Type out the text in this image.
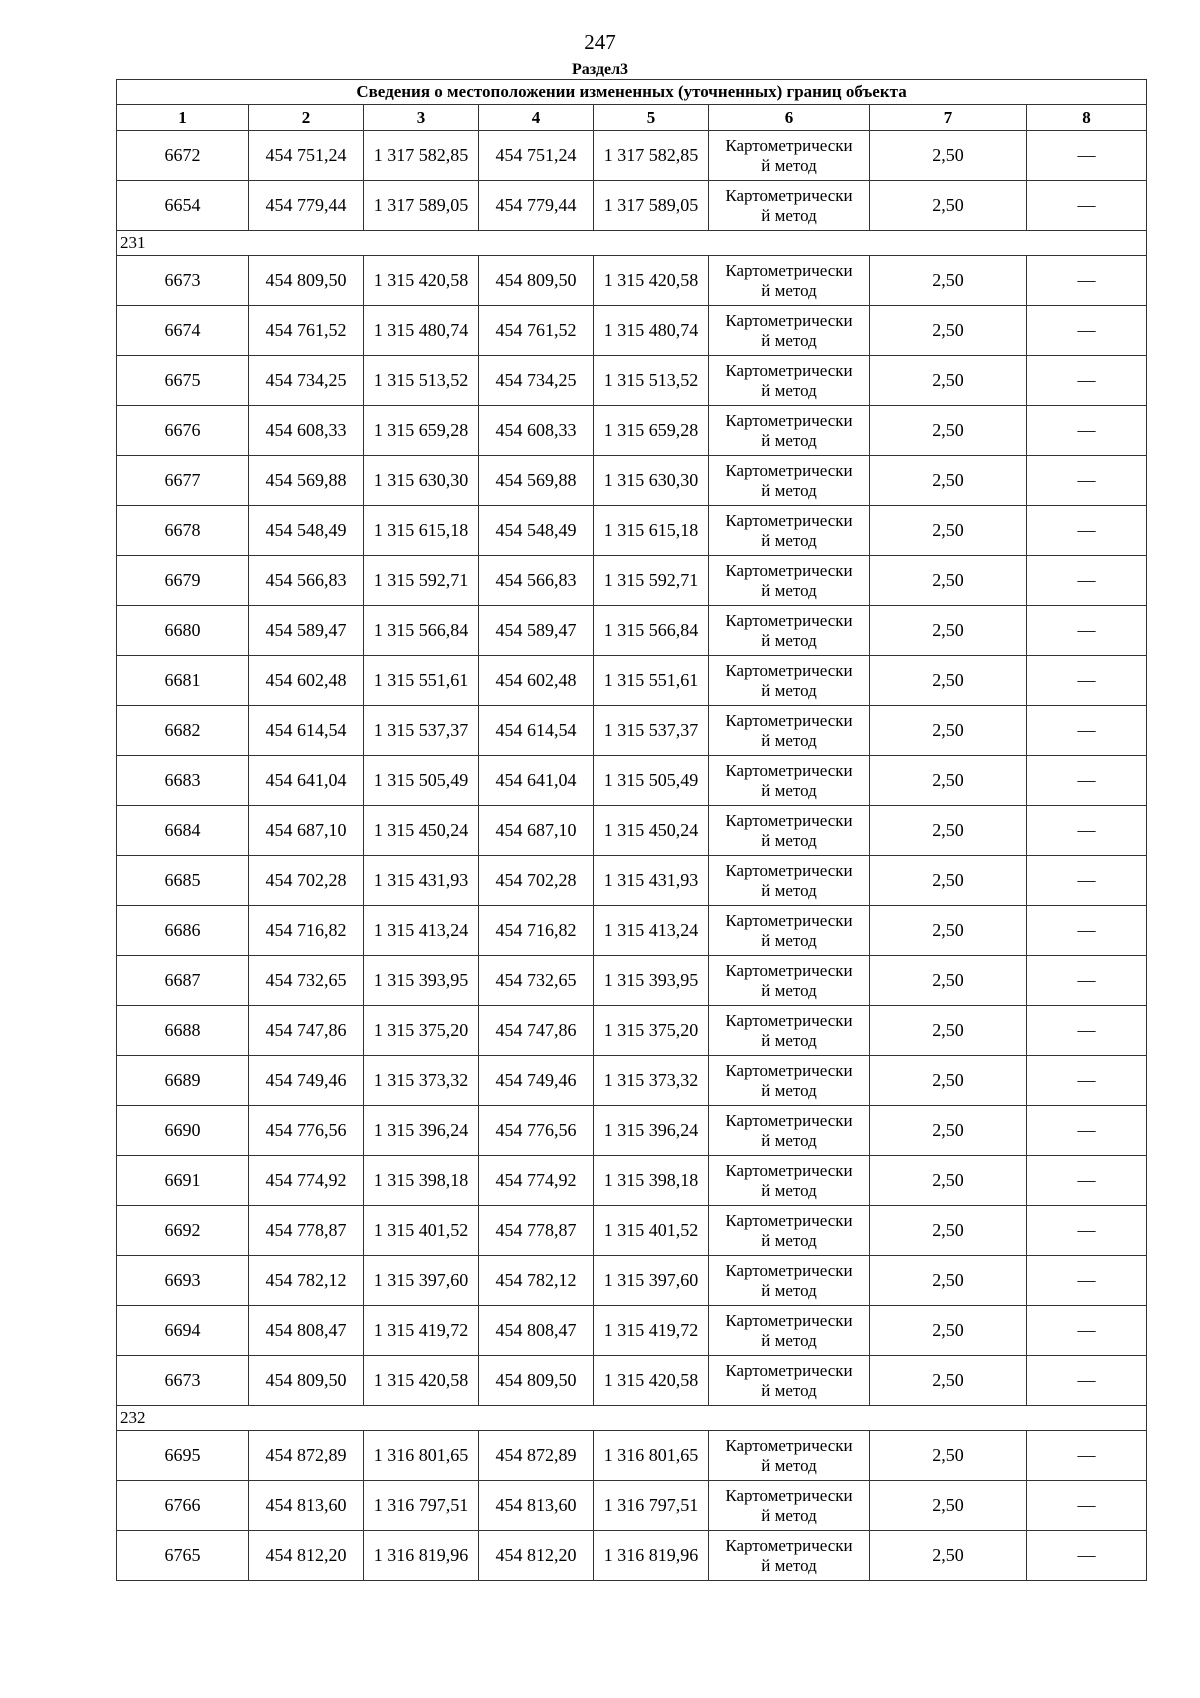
247
Раздел3
Сведения о местоположении измененных (уточненных) границ объекта							
1	2	3	4	5	6	7	8
6672	454 751,24	1 317 582,85	454 751,24	1 317 582,85	Картометрически
й метод	2,50	—
6654	454 779,44	1 317 589,05	454 779,44	1 317 589,05	Картометрически
й метод	2,50	—
231							
6673	454 809,50	1 315 420,58	454 809,50	1 315 420,58	Картометрически
й метод	2,50	—
6674	454 761,52	1 315 480,74	454 761,52	1 315 480,74	Картометрически
й метод	2,50	—
6675	454 734,25	1 315 513,52	454 734,25	1 315 513,52	Картометрически
й метод	2,50	—
6676	454 608,33	1 315 659,28	454 608,33	1 315 659,28	Картометрически
й метод	2,50	—
6677	454 569,88	1 315 630,30	454 569,88	1 315 630,30	Картометрически
й метод	2,50	—
6678	454 548,49	1 315 615,18	454 548,49	1 315 615,18	Картометрически
й метод	2,50	—
6679	454 566,83	1 315 592,71	454 566,83	1 315 592,71	Картометрически
й метод	2,50	—
6680	454 589,47	1 315 566,84	454 589,47	1 315 566,84	Картометрически
й метод	2,50	—
6681	454 602,48	1 315 551,61	454 602,48	1 315 551,61	Картометрически
й метод	2,50	—
6682	454 614,54	1 315 537,37	454 614,54	1 315 537,37	Картометрически
й метод	2,50	—
6683	454 641,04	1 315 505,49	454 641,04	1 315 505,49	Картометрически
й метод	2,50	—
6684	454 687,10	1 315 450,24	454 687,10	1 315 450,24	Картометрически
й метод	2,50	—
6685	454 702,28	1 315 431,93	454 702,28	1 315 431,93	Картометрически
й метод	2,50	—
6686	454 716,82	1 315 413,24	454 716,82	1 315 413,24	Картометрически
й метод	2,50	—
6687	454 732,65	1 315 393,95	454 732,65	1 315 393,95	Картометрически
й метод	2,50	—
6688	454 747,86	1 315 375,20	454 747,86	1 315 375,20	Картометрически
й метод	2,50	—
6689	454 749,46	1 315 373,32	454 749,46	1 315 373,32	Картометрически
й метод	2,50	—
6690	454 776,56	1 315 396,24	454 776,56	1 315 396,24	Картометрически
й метод	2,50	—
6691	454 774,92	1 315 398,18	454 774,92	1 315 398,18	Картометрически
й метод	2,50	—
6692	454 778,87	1 315 401,52	454 778,87	1 315 401,52	Картометрически
й метод	2,50	—
6693	454 782,12	1 315 397,60	454 782,12	1 315 397,60	Картометрически
й метод	2,50	—
6694	454 808,47	1 315 419,72	454 808,47	1 315 419,72	Картометрически
й метод	2,50	—
6673	454 809,50	1 315 420,58	454 809,50	1 315 420,58	Картометрически
й метод	2,50	—
232							
6695	454 872,89	1 316 801,65	454 872,89	1 316 801,65	Картометрически
й метод	2,50	—
6766	454 813,60	1 316 797,51	454 813,60	1 316 797,51	Картометрически
й метод	2,50	—
6765	454 812,20	1 316 819,96	454 812,20	1 316 819,96	Картометрически
й метод	2,50	—
